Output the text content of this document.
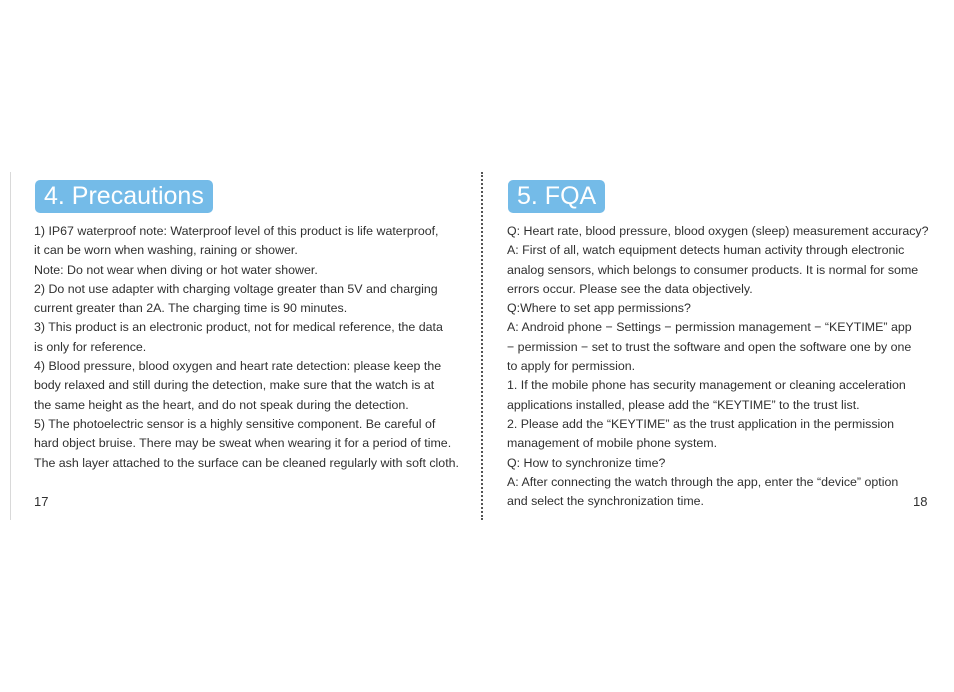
4. Precautions
1) IP67 waterproof note: Waterproof level of this product is life waterproof,
it can be worn when washing, raining or shower.
Note: Do not wear when diving or hot water shower.
2) Do not use adapter with charging voltage greater than 5V and charging
current greater than 2A. The charging time is 90 minutes.
3) This product is an electronic product, not for medical reference, the data
is only for reference.
4) Blood pressure, blood oxygen and heart rate detection: please keep the
body relaxed and still during the detection, make sure that the watch is at
the same height as the heart, and do not speak during the detection.
5) The photoelectric sensor is a highly sensitive component. Be careful of
hard object bruise. There may be sweat when wearing it for a period of time.
The ash layer attached to the surface can be cleaned regularly with soft cloth.
17
5. FQA
Q: Heart rate, blood pressure, blood oxygen (sleep) measurement accuracy?
A: First of all, watch equipment detects human activity through electronic
analog sensors, which belongs to consumer products. It is normal for some
errors occur. Please see the data objectively.
Q:Where to set app permissions?
A: Android phone − Settings − permission management − “KEYTIME” app
− permission − set to trust the software and open the software one by one
to apply for permission.
1. If the mobile phone has security management or cleaning acceleration
applications installed, please add the “KEYTIME” to the trust list.
2. Please add the “KEYTIME” as the trust application in the permission
management of mobile phone system.
Q: How to synchronize time?
A: After connecting the watch through the app, enter the “device” option
and select the synchronization time.	18
